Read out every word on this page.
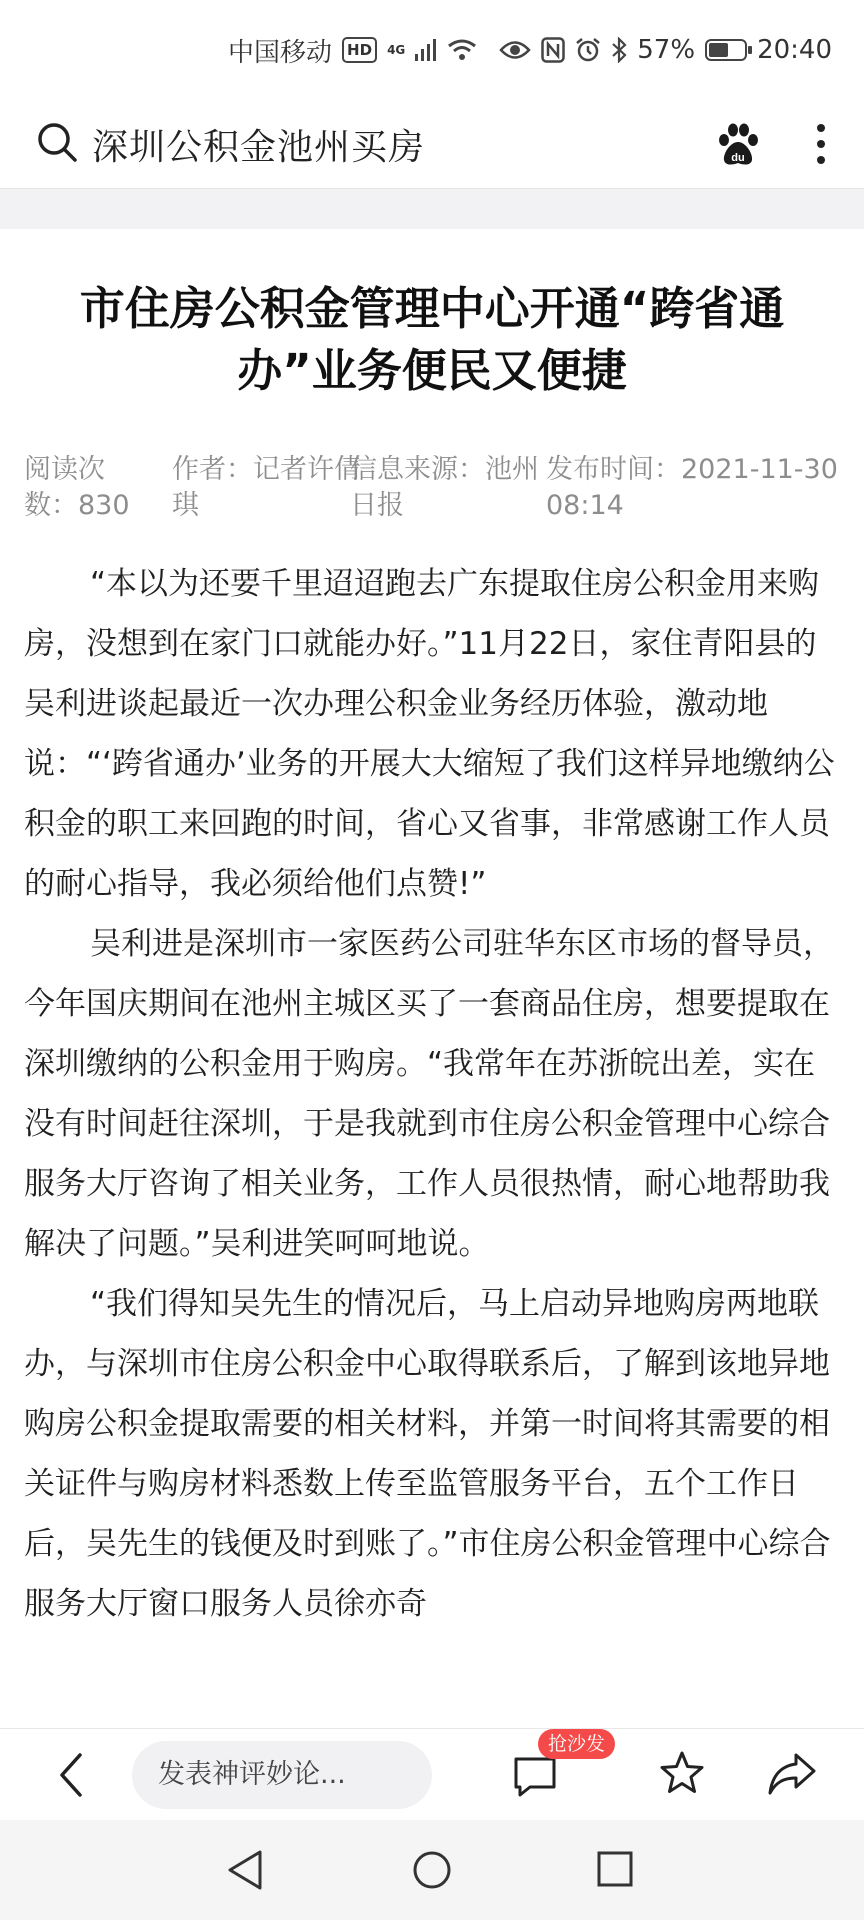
中国移动	HD	4G	57% 20:40
深圳公积金池州买房	du
市住房公积金管理中心开通“跨省通办”业务便民又便捷
阅读次数：830
作者：记者许倩琪
信息来源：池州日报
发布时间：2021-11-30 08:14

“本以为还要千里迢迢跑去广东提取住房公积金用来购房，没想到在家门口就能办好。”11月22日，家住青阳县的吴利进谈起最近一次办理公积金业务经历体验，激动地说：“‘跨省通办’业务的开展大大缩短了我们这样异地缴纳公积金的职工来回跑的时间，省心又省事，非常感谢工作人员的耐心指导，我必须给他们点赞!”

吴利进是深圳市一家医药公司驻华东区市场的督导员，今年国庆期间在池州主城区买了一套商品住房，想要提取在深圳缴纳的公积金用于购房。“我常年在苏浙皖出差，实在没有时间赶往深圳，于是我就到市住房公积金管理中心综合服务大厅咨询了相关业务，工作人员很热情，耐心地帮助我解决了问题。”吴利进笑呵呵地说。

“我们得知吴先生的情况后，马上启动异地购房两地联办，与深圳市住房公积金中心取得联系后，了解到该地异地购房公积金提取需要的相关材料，并第一时间将其需要的相关证件与购房材料悉数上传至监管服务平台，五个工作日后，吴先生的钱便及时到账了。”市住房公积金管理中心综合服务大厅窗口服务人员徐亦奇

发表神评妙论...
抢沙发
